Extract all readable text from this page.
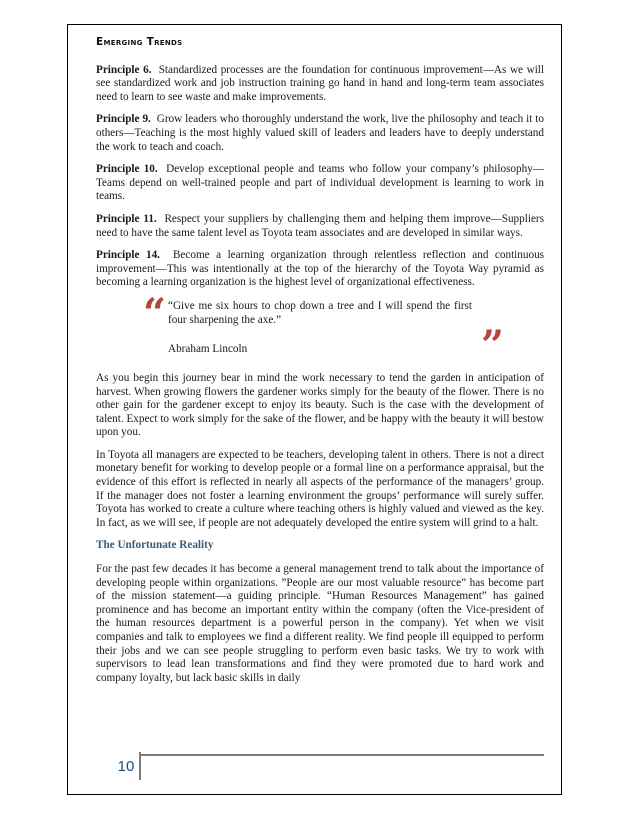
Emerging Trends

Principle 6. Standardized processes are the foundation for continuous improvement—As we will see standardized work and job instruction training go hand in hand and long-term team associates need to learn to see waste and make improvements.

Principle 9. Grow leaders who thoroughly understand the work, live the philosophy and teach it to others—Teaching is the most highly valued skill of leaders and leaders have to deeply understand the work to teach and coach.

Principle 10. Develop exceptional people and teams who follow your company’s philosophy—Teams depend on well-trained people and part of individual development is learning to work in teams.

Principle 11. Respect your suppliers by challenging them and helping them improve—Suppliers need to have the same talent level as Toyota team associates and are developed in similar ways.

Principle 14. Become a learning organization through relentless reflection and continuous improvement—This was intentionally at the top of the hierarchy of the Toyota Way pyramid as becoming a learning organization is the highest level of organizational effectiveness.

“ “Give me six hours to chop down a tree and I will spend the first four sharpening the axe.”
Abraham Lincoln	”

As you begin this journey bear in mind the work necessary to tend the garden in anticipation of harvest. When growing flowers the gardener works simply for the beauty of the flower. There is no other gain for the gardener except to enjoy its beauty. Such is the case with the development of talent. Expect to work simply for the sake of the flower, and be happy with the beauty it will bestow upon you.

In Toyota all managers are expected to be teachers, developing talent in others. There is not a direct monetary benefit for working to develop people or a formal line on a performance appraisal, but the evidence of this effort is reflected in nearly all aspects of the performance of the managers’ group. If the manager does not foster a learning environment the groups’ performance will surely suffer. Toyota has worked to create a culture where teaching others is highly valued and viewed as the key. In fact, as we will see, if people are not adequately developed the entire system will grind to a halt.

The Unfortunate Reality

For the past few decades it has become a general management trend to talk about the importance of developing people within organizations. ”People are our most valuable resource” has become part of the mission statement—a guiding principle. “Human Resources Management” has gained prominence and has become an important entity within the company (often the Vice-president of the human resources department is a powerful person in the company). Yet when we visit companies and talk to employees we find a different reality. We find people ill equipped to perform their jobs and we can see people struggling to perform even basic tasks. We try to work with supervisors to lead lean transformations and find they were promoted due to hard work and company loyalty, but lack basic skills in daily

10
